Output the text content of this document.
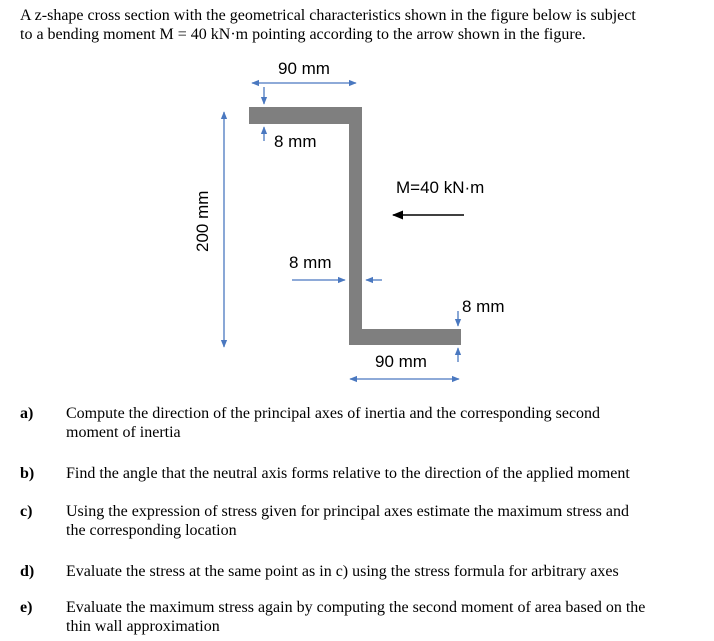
A z-shape cross section with the geometrical characteristics shown in the figure below is subject
to a bending moment M = 40 kN·m pointing according to the arrow shown in the figure.
90 mm
8 mm
200 mm
M=40 kN·m
8 mm
8 mm
90 mm
a) Compute the direction of the principal axes of inertia and the corresponding second
moment of inertia
b) Find the angle that the neutral axis forms relative to the direction of the applied moment
c) Using the expression of stress given for principal axes estimate the maximum stress and
the corresponding location
d) Evaluate the stress at the same point as in c) using the stress formula for arbitrary axes
e) Evaluate the maximum stress again by computing the second moment of area based on the
thin wall approximation
